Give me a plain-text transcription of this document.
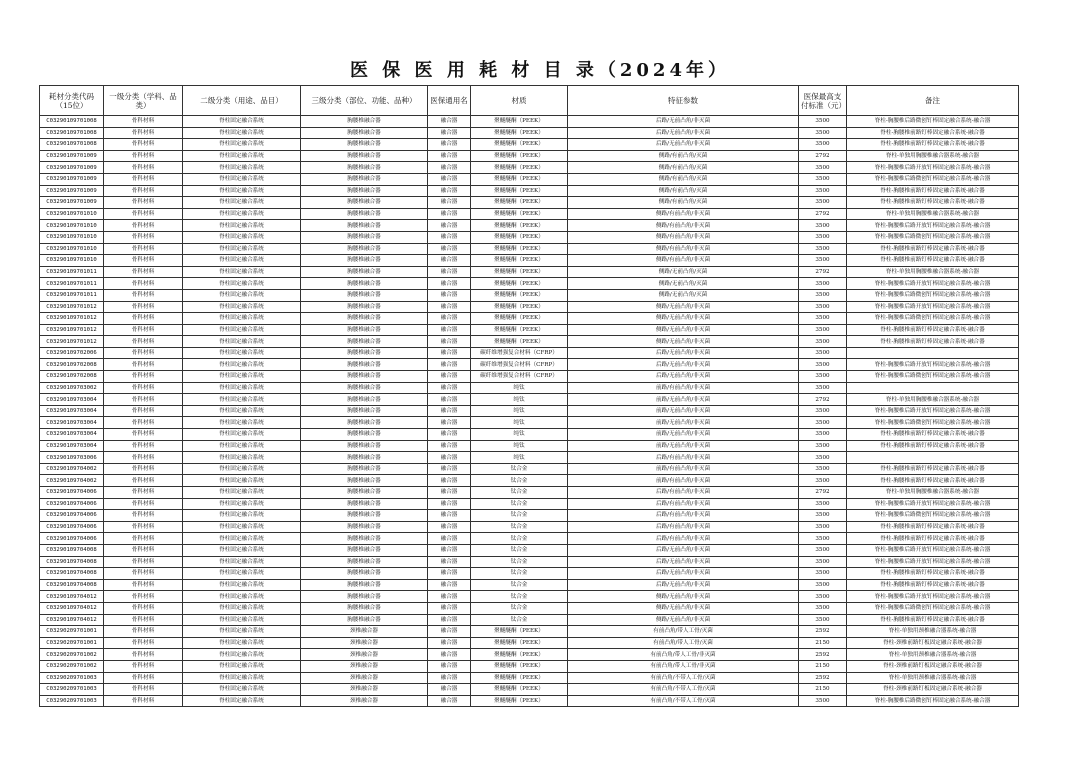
医 保 医 用 耗 材 目 录（2024年）
耗材分类代码（15位）	一级分类（学科、品类）	二级分类（用途、品目）	三级分类（部位、功能、品种）	医保通用名	材质	特征参数	医保最高支付标准（元）	备注
C03290109701008	骨科材料	脊柱固定融合系统	胸腰椎融合器	融合器	聚醚醚酮（PEEK）	后路/无前凸角/非灭菌	3500	脊柱-胸腰椎后路微创钉棒固定融合系统-融合器
C03290109701008	骨科材料	脊柱固定融合系统	胸腰椎融合器	融合器	聚醚醚酮（PEEK）	后路/无前凸角/非灭菌	3500	脊柱-胸腰椎前路钉棒固定融合系统-融合器
C03290109701008	骨科材料	脊柱固定融合系统	胸腰椎融合器	融合器	聚醚醚酮（PEEK）	后路/无前凸角/非灭菌	3500	脊柱-胸腰椎前路钉棒固定融合系统-融合器
C03290109701009	骨科材料	脊柱固定融合系统	胸腰椎融合器	融合器	聚醚醚酮（PEEK）	侧路/有前凸角/灭菌	2792	脊柱-单独用胸腰椎融合器系统-融合器
C03290109701009	骨科材料	脊柱固定融合系统	胸腰椎融合器	融合器	聚醚醚酮（PEEK）	侧路/有前凸角/灭菌	3500	脊柱-胸腰椎后路开放钉棒固定融合系统-融合器
C03290109701009	骨科材料	脊柱固定融合系统	胸腰椎融合器	融合器	聚醚醚酮（PEEK）	侧路/有前凸角/灭菌	3500	脊柱-胸腰椎后路微创钉棒固定融合系统-融合器
C03290109701009	骨科材料	脊柱固定融合系统	胸腰椎融合器	融合器	聚醚醚酮（PEEK）	侧路/有前凸角/灭菌	3500	脊柱-胸腰椎前路钉棒固定融合系统-融合器
C03290109701009	骨科材料	脊柱固定融合系统	胸腰椎融合器	融合器	聚醚醚酮（PEEK）	侧路/有前凸角/灭菌	3500	脊柱-胸腰椎前路钉棒固定融合系统-融合器
C03290109701010	骨科材料	脊柱固定融合系统	胸腰椎融合器	融合器	聚醚醚酮（PEEK）	侧路/有前凸角/非灭菌	2792	脊柱-单独用胸腰椎融合器系统-融合器
C03290109701010	骨科材料	脊柱固定融合系统	胸腰椎融合器	融合器	聚醚醚酮（PEEK）	侧路/有前凸角/非灭菌	3500	脊柱-胸腰椎后路开放钉棒固定融合系统-融合器
C03290109701010	骨科材料	脊柱固定融合系统	胸腰椎融合器	融合器	聚醚醚酮（PEEK）	侧路/有前凸角/非灭菌	3500	脊柱-胸腰椎后路微创钉棒固定融合系统-融合器
C03290109701010	骨科材料	脊柱固定融合系统	胸腰椎融合器	融合器	聚醚醚酮（PEEK）	侧路/有前凸角/非灭菌	3500	脊柱-胸腰椎前路钉棒固定融合系统-融合器
C03290109701010	骨科材料	脊柱固定融合系统	胸腰椎融合器	融合器	聚醚醚酮（PEEK）	侧路/有前凸角/非灭菌	3500	脊柱-胸腰椎前路钉棒固定融合系统-融合器
C03290109701011	骨科材料	脊柱固定融合系统	胸腰椎融合器	融合器	聚醚醚酮（PEEK）	侧路/无前凸角/灭菌	2792	脊柱-单独用胸腰椎融合器系统-融合器
C03290109701011	骨科材料	脊柱固定融合系统	胸腰椎融合器	融合器	聚醚醚酮（PEEK）	侧路/无前凸角/灭菌	3500	脊柱-胸腰椎后路开放钉棒固定融合系统-融合器
C03290109701011	骨科材料	脊柱固定融合系统	胸腰椎融合器	融合器	聚醚醚酮（PEEK）	侧路/无前凸角/灭菌	3500	脊柱-胸腰椎后路微创钉棒固定融合系统-融合器
C03290109701012	骨科材料	脊柱固定融合系统	胸腰椎融合器	融合器	聚醚醚酮（PEEK）	侧路/无前凸角/非灭菌	3500	脊柱-胸腰椎后路开放钉棒固定融合系统-融合器
C03290109701012	骨科材料	脊柱固定融合系统	胸腰椎融合器	融合器	聚醚醚酮（PEEK）	侧路/无前凸角/非灭菌	3500	脊柱-胸腰椎后路微创钉棒固定融合系统-融合器
C03290109701012	骨科材料	脊柱固定融合系统	胸腰椎融合器	融合器	聚醚醚酮（PEEK）	侧路/无前凸角/非灭菌	3500	脊柱-胸腰椎前路钉棒固定融合系统-融合器
C03290109701012	骨科材料	脊柱固定融合系统	胸腰椎融合器	融合器	聚醚醚酮（PEEK）	侧路/无前凸角/非灭菌	3500	脊柱-胸腰椎前路钉棒固定融合系统-融合器
C03290109702006	骨科材料	脊柱固定融合系统	胸腰椎融合器	融合器	碳纤维增强复合材料（CFRP）	后路/无前凸角/非灭菌	3500	
C03290109702008	骨科材料	脊柱固定融合系统	胸腰椎融合器	融合器	碳纤维增强复合材料（CFRP）	后路/无前凸角/非灭菌	3500	脊柱-胸腰椎后路开放钉棒固定融合系统-融合器
C03290109702008	骨科材料	脊柱固定融合系统	胸腰椎融合器	融合器	碳纤维增强复合材料（CFRP）	后路/无前凸角/非灭菌	3500	脊柱-胸腰椎后路微创钉棒固定融合系统-融合器
C03290109703002	骨科材料	脊柱固定融合系统	胸腰椎融合器	融合器	纯钛	前路/有前凸角/非灭菌	3500	
C03290109703004	骨科材料	脊柱固定融合系统	胸腰椎融合器	融合器	纯钛	前路/无前凸角/非灭菌	2792	脊柱-单独用胸腰椎融合器系统-融合器
C03290109703004	骨科材料	脊柱固定融合系统	胸腰椎融合器	融合器	纯钛	前路/无前凸角/非灭菌	3500	脊柱-胸腰椎后路开放钉棒固定融合系统-融合器
C03290109703004	骨科材料	脊柱固定融合系统	胸腰椎融合器	融合器	纯钛	前路/无前凸角/非灭菌	3500	脊柱-胸腰椎后路微创钉棒固定融合系统-融合器
C03290109703004	骨科材料	脊柱固定融合系统	胸腰椎融合器	融合器	纯钛	前路/无前凸角/非灭菌	3500	脊柱-胸腰椎前路钉棒固定融合系统-融合器
C03290109703004	骨科材料	脊柱固定融合系统	胸腰椎融合器	融合器	纯钛	前路/无前凸角/非灭菌	3500	脊柱-胸腰椎前路钉棒固定融合系统-融合器
C03290109703006	骨科材料	脊柱固定融合系统	胸腰椎融合器	融合器	纯钛	后路/有前凸角/非灭菌	3500	
C03290109704002	骨科材料	脊柱固定融合系统	胸腰椎融合器	融合器	钛合金	前路/有前凸角/非灭菌	3500	脊柱-胸腰椎前路钉棒固定融合系统-融合器
C03290109704002	骨科材料	脊柱固定融合系统	胸腰椎融合器	融合器	钛合金	前路/有前凸角/非灭菌	3500	脊柱-胸腰椎前路钉棒固定融合系统-融合器
C03290109704006	骨科材料	脊柱固定融合系统	胸腰椎融合器	融合器	钛合金	后路/有前凸角/非灭菌	2792	脊柱-单独用胸腰椎融合器系统-融合器
C03290109704006	骨科材料	脊柱固定融合系统	胸腰椎融合器	融合器	钛合金	后路/有前凸角/非灭菌	3500	脊柱-胸腰椎后路开放钉棒固定融合系统-融合器
C03290109704006	骨科材料	脊柱固定融合系统	胸腰椎融合器	融合器	钛合金	后路/有前凸角/非灭菌	3500	脊柱-胸腰椎后路微创钉棒固定融合系统-融合器
C03290109704006	骨科材料	脊柱固定融合系统	胸腰椎融合器	融合器	钛合金	后路/有前凸角/非灭菌	3500	脊柱-胸腰椎前路钉棒固定融合系统-融合器
C03290109704006	骨科材料	脊柱固定融合系统	胸腰椎融合器	融合器	钛合金	后路/有前凸角/非灭菌	3500	脊柱-胸腰椎前路钉棒固定融合系统-融合器
C03290109704008	骨科材料	脊柱固定融合系统	胸腰椎融合器	融合器	钛合金	后路/无前凸角/非灭菌	3500	脊柱-胸腰椎后路开放钉棒固定融合系统-融合器
C03290109704008	骨科材料	脊柱固定融合系统	胸腰椎融合器	融合器	钛合金	后路/无前凸角/非灭菌	3500	脊柱-胸腰椎后路开放钉棒固定融合系统-融合器
C03290109704008	骨科材料	脊柱固定融合系统	胸腰椎融合器	融合器	钛合金	后路/无前凸角/非灭菌	3500	脊柱-胸腰椎前路钉棒固定融合系统-融合器
C03290109704008	骨科材料	脊柱固定融合系统	胸腰椎融合器	融合器	钛合金	后路/无前凸角/非灭菌	3500	脊柱-胸腰椎前路钉棒固定融合系统-融合器
C03290109704012	骨科材料	脊柱固定融合系统	胸腰椎融合器	融合器	钛合金	侧路/无前凸角/非灭菌	3500	脊柱-胸腰椎后路开放钉棒固定融合系统-融合器
C03290109704012	骨科材料	脊柱固定融合系统	胸腰椎融合器	融合器	钛合金	侧路/无前凸角/非灭菌	3500	脊柱-胸腰椎后路微创钉棒固定融合系统-融合器
C03290109704012	骨科材料	脊柱固定融合系统	胸腰椎融合器	融合器	钛合金	侧路/无前凸角/非灭菌	3500	脊柱-胸腰椎前路钉棒固定融合系统-融合器
C03290209701001	骨科材料	脊柱固定融合系统	颈椎融合器	融合器	聚醚醚酮（PEEK）	有前凸角/带人工骨/灭菌	2592	脊柱-单独用颈椎融合器系统-融合器
C03290209701001	骨科材料	脊柱固定融合系统	颈椎融合器	融合器	聚醚醚酮（PEEK）	有前凸角/带人工骨/灭菌	2150	脊柱-颈椎前路钉板固定融合系统-融合器
C03290209701002	骨科材料	脊柱固定融合系统	颈椎融合器	融合器	聚醚醚酮（PEEK）	有前凸角/带人工骨/非灭菌	2592	脊柱-单独用颈椎融合器系统-融合器
C03290209701002	骨科材料	脊柱固定融合系统	颈椎融合器	融合器	聚醚醚酮（PEEK）	有前凸角/带人工骨/非灭菌	2150	脊柱-颈椎前路钉板固定融合系统-融合器
C03290209701003	骨科材料	脊柱固定融合系统	颈椎融合器	融合器	聚醚醚酮（PEEK）	有前凸角/不带人工骨/灭菌	2592	脊柱-单独用颈椎融合器系统-融合器
C03290209701003	骨科材料	脊柱固定融合系统	颈椎融合器	融合器	聚醚醚酮（PEEK）	有前凸角/不带人工骨/灭菌	2150	脊柱-颈椎前路钉板固定融合系统-融合器
C03290209701003	骨科材料	脊柱固定融合系统	颈椎融合器	融合器	聚醚醚酮（PEEK）	有前凸角/不带人工骨/灭菌	3500	脊柱-胸腰椎后路微创钉棒固定融合系统-融合器
